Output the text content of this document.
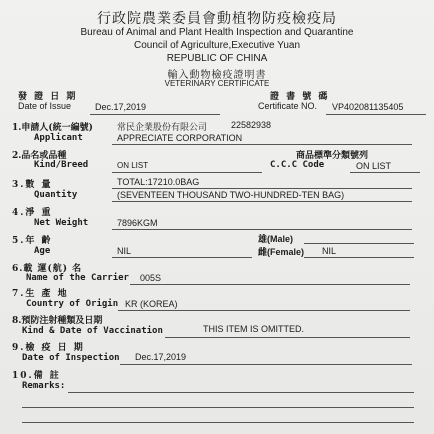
行政院農業委員會動植物防疫檢疫局
Bureau of Animal and Plant Health Inspection and Quarantine
Council of Agriculture,Executive Yuan
REPUBLIC OF CHINA
輸入動物檢疫證明書
VETERINARY CERTIFICATE
發 證 日 期
Date of Issue	Dec.17,2019
證 書 號 碼
Certificate NO. VP402081135405
1.申請人(統一編號)	常民企業股份有限公司	22582938
Applicant	APPRECIATE CORPORATION
2.品名或品種
Kind/Breed	ON LIST
商品標準分類號列
C.C.C Code	ON LIST
3.數 量	TOTAL:17210.0BAG
Quantity	(SEVENTEEN THOUSAND TWO-HUNDRED-TEN BAG)
4.淨 重
Net Weight	7896KGM
5.年 齡
Age	NIL
雄(Male)
雌(Female) NIL
6.載 運(航) 名
Name of the Carrier 005S
7.生 產 地
Country of Origin KR (KOREA)
8.預防注射種類及日期
Kind & Date of Vaccination	THIS ITEM IS OMITTED.
9.檢 疫 日 期
Date of Inspection Dec.17,2019
10.備 註
Remarks:
